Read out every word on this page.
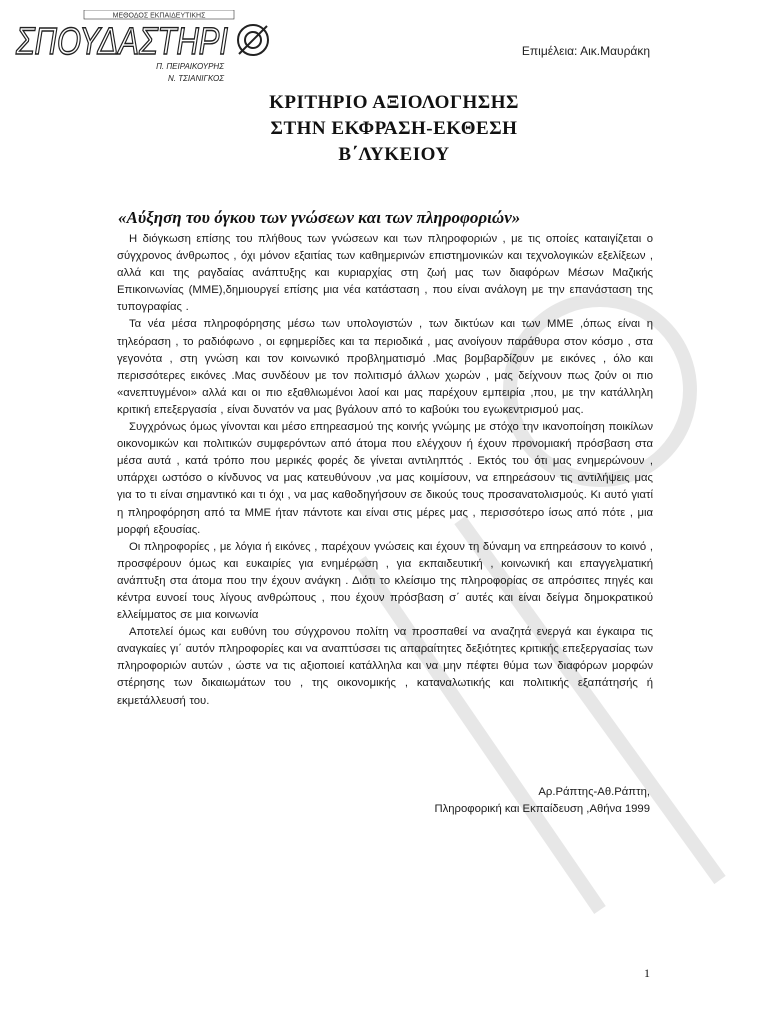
ΜΕΘΟΔΟΣ ΕΚΠΑΙΔΕΥΤΙΚΗΣ
ΣΠΟΥΔΑΣΤΗΡΙ
Π. ΠΕΙΡΑΙΚΟΥΡΗΣ
Ν. ΤΣΙΑΝΙΓΚΟΣ
Επιμέλεια: Αικ.Μαυράκη
ΚΡΙΤΗΡΙΟ ΑΞΙΟΛΟΓΗΣΗΣ
ΣΤΗΝ ΕΚΦΡΑΣΗ-ΕΚΘΕΣΗ
Β΄ΛΥΚΕΙΟΥ
«Αύξηση του όγκου των γνώσεων και των πληροφοριών»

Η διόγκωση επίσης του πλήθους των γνώσεων και των πληροφοριών , με τις οποίες καταιγίζεται ο σύγχρονος άνθρωπος , όχι μόνον εξαιτίας των καθημερινών επιστημονικών και τεχνολογικών εξελίξεων , αλλά και της ραγδαίας ανάπτυξης και κυριαρχίας στη ζωή μας των διαφόρων Μέσων Μαζικής Επικοινωνίας (ΜΜΕ),δημιουργεί επίσης μια νέα κατάσταση , που είναι ανάλογη με την επανάσταση της τυπογραφίας .

Τα νέα μέσα πληροφόρησης μέσω των υπολογιστών , των δικτύων και των ΜΜΕ ,όπως είναι η τηλεόραση , το ραδιόφωνο , οι εφημερίδες και τα περιοδικά , μας ανοίγουν παράθυρα στον κόσμο , στα γεγονότα , στη γνώση και τον κοινωνικό προβληματισμό .Μας βομβαρδίζουν με εικόνες , όλο και περισσότερες εικόνες .Μας συνδέουν με τον πολιτισμό άλλων χωρών , μας δείχνουν πως ζούν οι πιο «ανεπτυγμένοι» αλλά και οι πιο εξαθλιωμένοι λαοί και μας παρέχουν εμπειρία ,που, με την κατάλληλη κριτική επεξεργασία , είναι δυνατόν να μας βγάλουν από το καβούκι του εγωκεντρισμού μας.

Συγχρόνως όμως γίνονται και μέσο επηρεασμού της κοινής γνώμης με στόχο την ικανοποίηση ποικίλων οικονομικών και πολιτικών συμφερόντων από άτομα που ελέγχουν ή έχουν προνομιακή πρόσβαση στα μέσα αυτά , κατά τρόπο που μερικές φορές δε γίνεται αντιληπτός . Εκτός του ότι μας ενημερώνουν , υπάρχει ωστόσο ο κίνδυνος να μας κατευθύνουν ,να μας κοιμίσουν, να επηρεάσουν τις αντιλήψεις μας για το τι είναι σημαντικό και τι όχι , να μας καθοδηγήσουν σε δικούς τους προσανατολισμούς. Κι αυτό γιατί η πληροφόρηση από τα ΜΜΕ ήταν πάντοτε και είναι στις μέρες μας , περισσότερο ίσως από πότε , μια μορφή εξουσίας.

Οι πληροφορίες , με λόγια ή εικόνες , παρέχουν γνώσεις και έχουν τη δύναμη να επηρεάσουν το κοινό , προσφέρουν όμως και ευκαιρίες για ενημέρωση , για εκπαιδευτική , κοινωνική και επαγγελματική ανάπτυξη στα άτομα που την έχουν ανάγκη . Διότι το κλείσιμο της πληροφορίας σε απρόσιτες πηγές και κέντρα ευνοεί τους λίγους ανθρώπους , που έχουν πρόσβαση σ΄ αυτές και είναι δείγμα δημοκρατικού ελλείμματος σε μια κοινωνία

Αποτελεί όμως και ευθύνη του σύγχρονου πολίτη να προσπαθεί να αναζητά ενεργά και έγκαιρα τις αναγκαίες γι΄ αυτόν πληροφορίες και να αναπτύσσει τις απαραίτητες δεξιότητες κριτικής επεξεργασίας των πληροφοριών αυτών , ώστε να τις αξιοποιεί κατάλληλα και να μην πέφτει θύμα των διαφόρων μορφών στέρησης των δικαιωμάτων του , της οικονομικής , καταναλωτικής και πολιτικής εξαπάτησής ή εκμετάλλευσή του.

Αρ.Ράπτης-Αθ.Ράπτη,
Πληροφορική και Εκπαίδευση ,Αθήνα 1999
1
